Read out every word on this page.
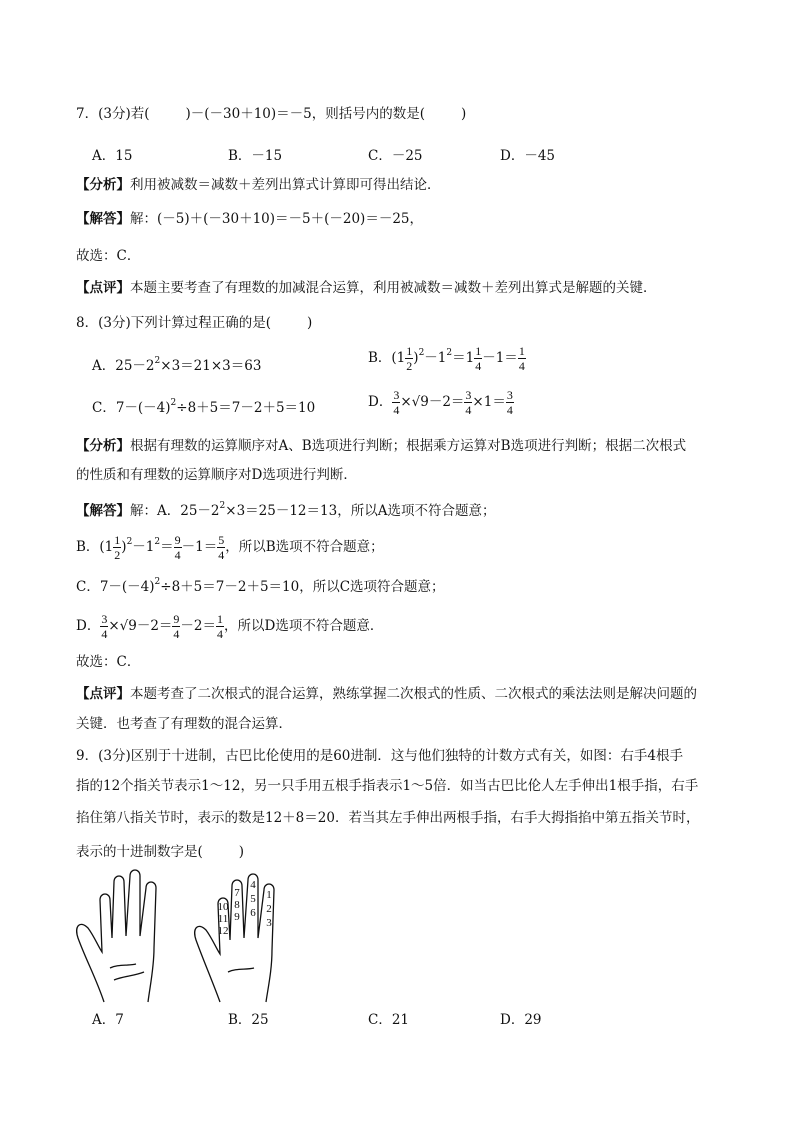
7．(3分)若(	)－(－30＋10)＝－5，则括号内的数是(	)
A．15	B．－15	C．－25	D．－45
【分析】利用被减数＝减数＋差列出算式计算即可得出结论．
【解答】解：(－5)＋(－30＋10)＝－5＋(－20)＝－25，
故选：C．
【点评】本题主要考查了有理数的加减混合运算，利用被减数＝减数＋差列出算式是解题的关键．
8．(3分)下列计算过程正确的是(	)
A．$25-2^2\times 3=21\times 3=63$	B．$(1 \frac{1}{2} )^2-1^2=1 \frac{1}{4} -1= \frac{1}{4}$
C．$7-(-4)^2\div 8+5=7-2+5=10$	D． $\frac{3}{4} \times√9-2= \frac{3}{4} \times 1= \frac{3}{4}$
【分析】根据有理数的运算顺序对A、B选项进行判断；根据乘方运算对B选项进行判断；根据二次根式
的性质和有理数的运算顺序对D选项进行判断．
【解答】解：A．$25-2^2\times 3=25-12=13$，所以A选项不符合题意；
B．$(1 \frac{1}{2} )^2-1^2= \frac{9}{4} -1= \frac{5}{4}$ ，所以B选项不符合题意；
C．$7-(-4)^2\div 8+5=7-2+5=10$，所以C选项符合题意；
D． $\frac{3}{4} \times√9-2= \frac{9}{4} -2= \frac{1}{4}$ ，所以D选项不符合题意．
故选：C．
【点评】本题考查了二次根式的混合运算，熟练掌握二次根式的性质、二次根式的乘法法则是解决问题的
关键．也考查了有理数的混合运算．
9．(3分)区别于十进制，古巴比伦使用的是60进制．这与他们独特的计数方式有关，如图：右手4根手
指的12个指关节表示1～12，另一只手用五根手指表示1～5倍．如当古巴比伦人左手伸出1根手指，右手
掐住第八指关节时，表示的数是12＋8＝20．若当其左手伸出两根手指，右手大拇指掐中第五指关节时，
表示的十进制数字是(	)
10
11
12
7
8
9
4
5
6
1
2
3
A．7	B．25	C．21	D．29
